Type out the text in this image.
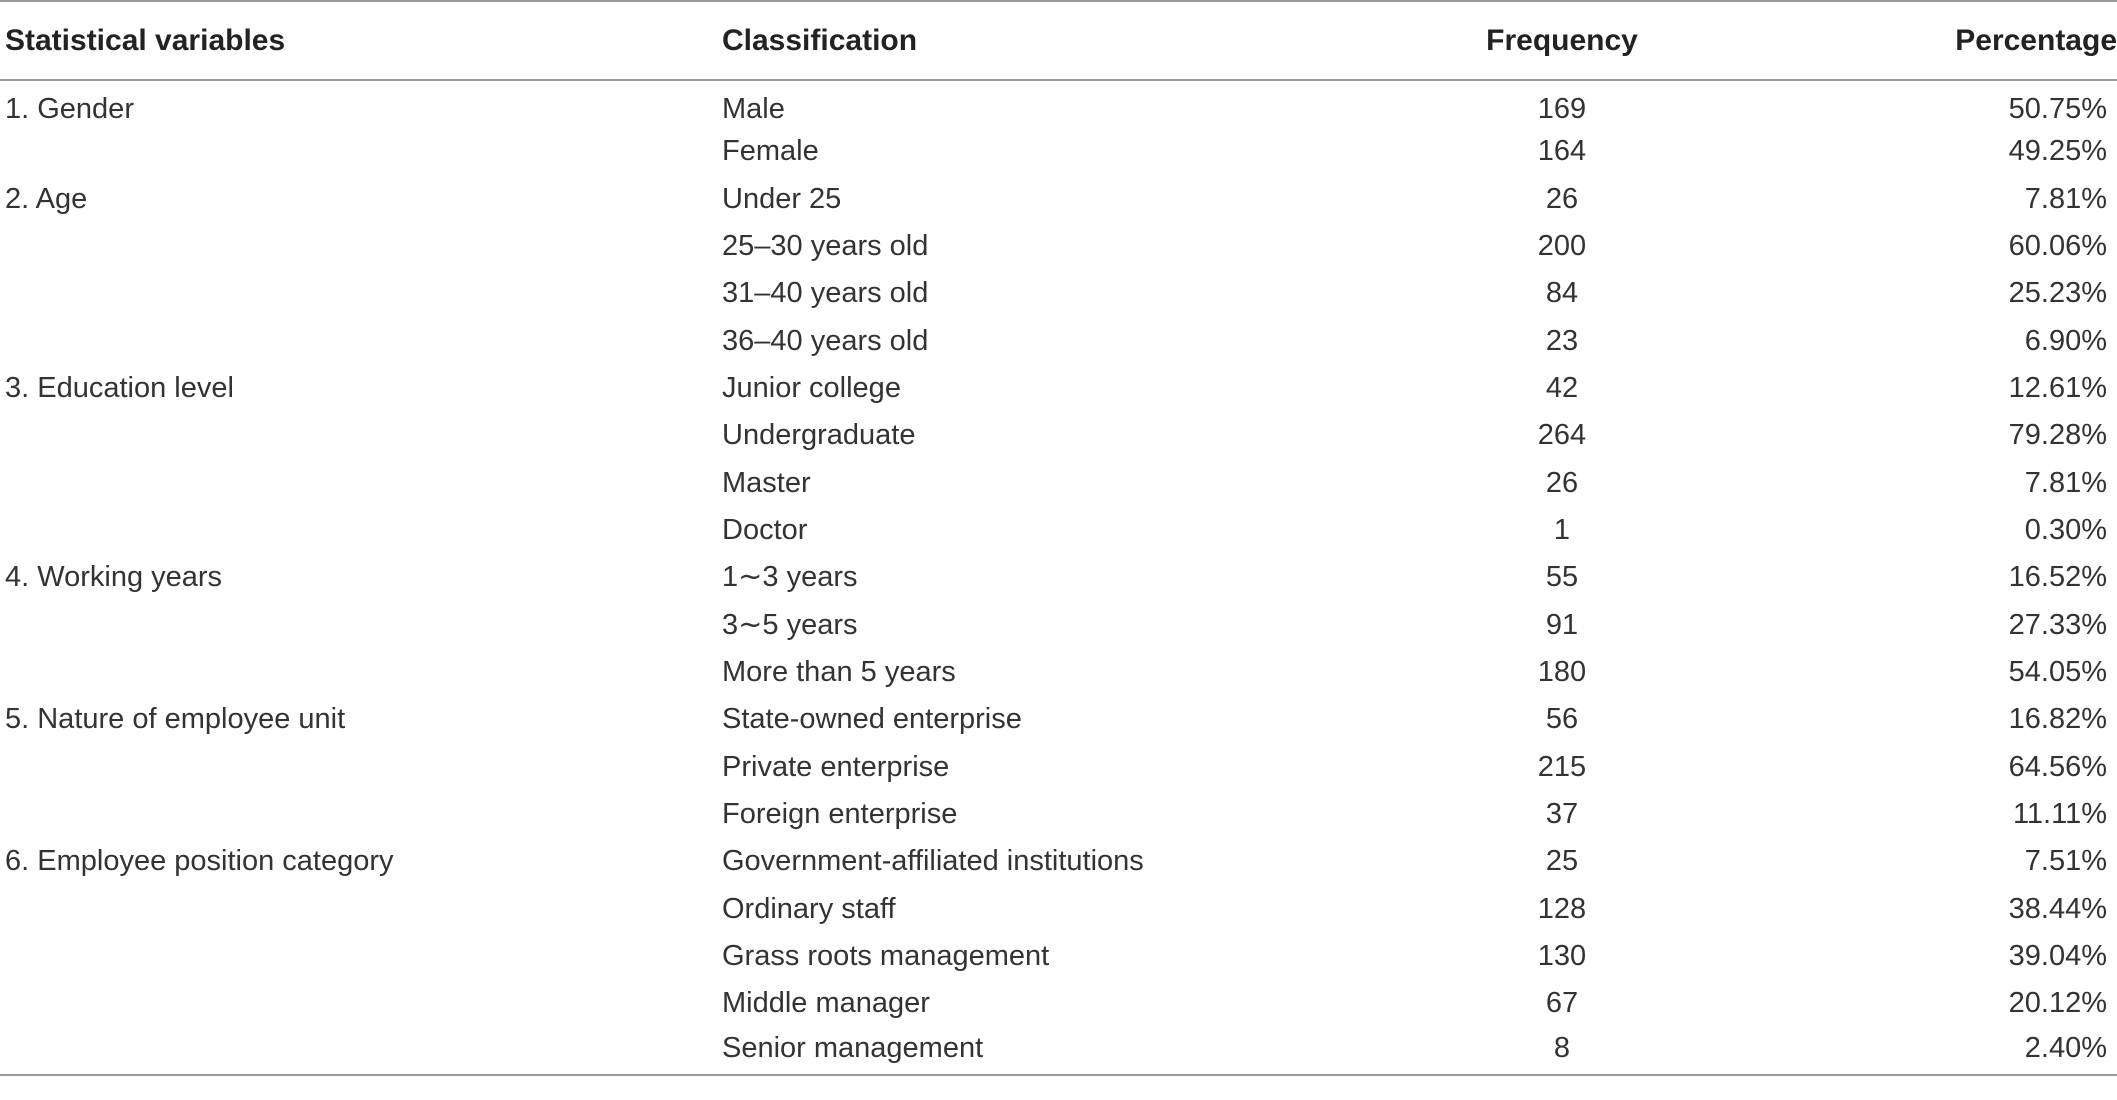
Statistical variables	Classification	Frequency	Percentage
1. Gender	Male	169	50.75%
	Female	164	49.25%
2. Age	Under 25	26	7.81%
	25–30 years old	200	60.06%
	31–40 years old	84	25.23%
	36–40 years old	23	6.90%
3. Education level	Junior college	42	12.61%
	Undergraduate	264	79.28%
	Master	26	7.81%
	Doctor	1	0.30%
4. Working years	1∼3 years	55	16.52%
	3∼5 years	91	27.33%
	More than 5 years	180	54.05%
5. Nature of employee unit	State-owned enterprise	56	16.82%
	Private enterprise	215	64.56%
	Foreign enterprise	37	11.11%
6. Employee position category	Government-affiliated institutions	25	7.51%
	Ordinary staff	128	38.44%
	Grass roots management	130	39.04%
	Middle manager	67	20.12%
	Senior management	8	2.40%
